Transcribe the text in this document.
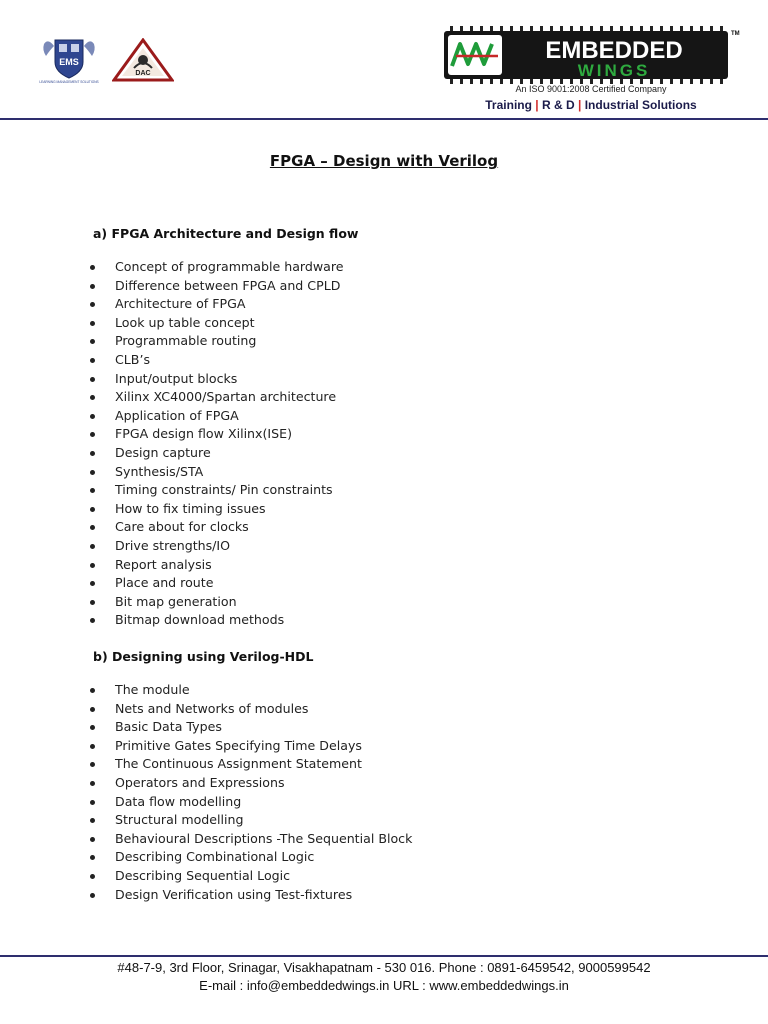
EMS
LEARNING MANAGEMENT SOLUTIONS
DAC
EMBEDDED
WINGS
TM
An ISO 9001:2008 Certified Company
Training | R & D | Industrial Solutions
FPGA – Design with Verilog
a) FPGA Architecture and Design flow
Concept of programmable hardware
Difference between FPGA and CPLD
Architecture of FPGA
Look up table concept
Programmable routing
CLB’s
Input/output blocks
Xilinx XC4000/Spartan architecture
Application of FPGA
FPGA design flow Xilinx(ISE)
Design capture
Synthesis/STA
Timing constraints/ Pin constraints
How to fix timing issues
Care about for clocks
Drive strengths/IO
Report analysis
Place and route
Bit map generation
Bitmap download methods
b) Designing using Verilog-HDL
The module
Nets and Networks of modules
Basic Data Types
Primitive Gates Specifying Time Delays
The Continuous Assignment Statement
Operators and Expressions
Data flow modelling
Structural modelling
Behavioural Descriptions -The Sequential Block
Describing Combinational Logic
Describing Sequential Logic
Design Verification using Test-fixtures
#48-7-9, 3rd Floor, Srinagar, Visakhapatnam - 530 016. Phone : 0891-6459542, 9000599542
E-mail : info@embeddedwings.in URL : www.embeddedwings.in
